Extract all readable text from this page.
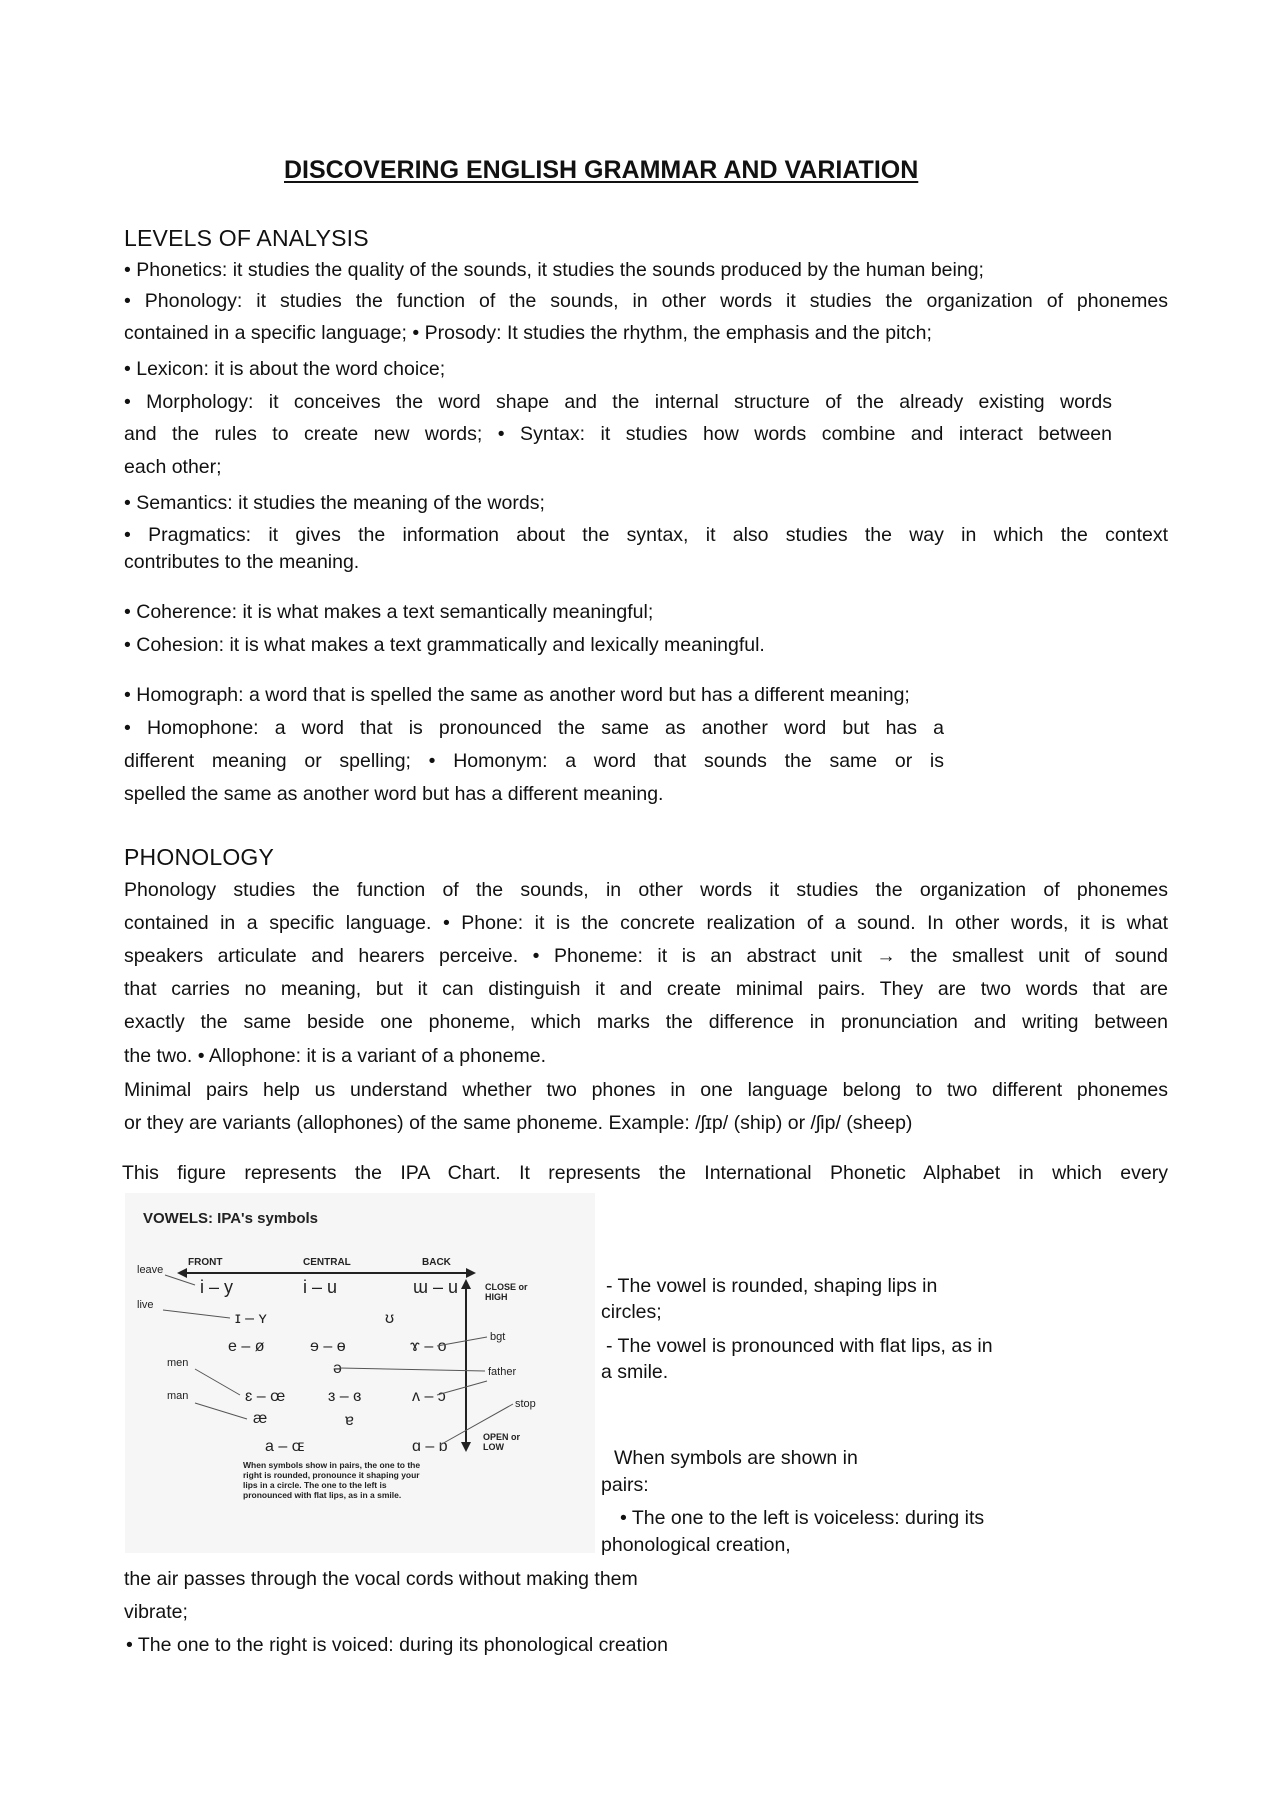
DISCOVERING ENGLISH GRAMMAR AND VARIATION
LEVELS OF ANALYSIS
• Phonetics: it studies the quality of the sounds, it studies the sounds produced by the human being;
• Phonology: it studies the function of the sounds, in other words it studies the organization of phonemes
contained in a specific language; • Prosody: It studies the rhythm, the emphasis and the pitch;
• Lexicon: it is about the word choice;
• Morphology: it conceives the word shape and the internal structure of the already existing words
and the rules to create new words; • Syntax: it studies how words combine and interact between
each other;
• Semantics: it studies the meaning of the words;
• Pragmatics: it gives the information about the syntax, it also studies the way in which the context
contributes to the meaning.
• Coherence: it is what makes a text semantically meaningful;
• Cohesion: it is what makes a text grammatically and lexically meaningful.
• Homograph: a word that is spelled the same as another word but has a different meaning;
• Homophone: a word that is pronounced the same as another word but has a
different meaning or spelling; • Homonym: a word that sounds the same or is
spelled the same as another word but has a different meaning.
PHONOLOGY
Phonology studies the function of the sounds, in other words it studies the organization of phonemes
contained in a specific language. • Phone: it is the concrete realization of a sound. In other words, it is what
speakers articulate and hearers perceive. • Phoneme: it is an abstract unit → the smallest unit of sound
that carries no meaning, but it can distinguish it and create minimal pairs. They are two words that are
exactly the same beside one phoneme, which marks the difference in pronunciation and writing between
the two. • Allophone: it is a variant of a phoneme.
Minimal pairs help us understand whether two phones in one language belong to two different phonemes
or they are variants (allophones) of the same phoneme. Example: /ʃɪp/ (ship) or /ʃip/ (sheep)
This figure represents the IPA Chart. It represents the International Phonetic Alphabet in which every
VOWELS: IPA's symbols
FRONT	CENTRAL	BACK
CLOSE or
HIGH
OPEN or
LOW
i – y	i – u	ɯ – u
ɪ – ʏ	ʊ
e – ø	ɘ – ɵ	ɤ – o
ə
ɛ – œ	ɜ – ɞ	ʌ – ɔ
æ	ɐ
a – ɶ	ɑ – ɒ
leave
live
bgt
father
men
man
stop
When symbols show in pairs, the one to the
right is rounded, pronounce it shaping your
lips in a circle. The one to the left is
pronounced with flat lips, as in a smile.
- The vowel is rounded, shaping lips in
circles;
- The vowel is pronounced with flat lips, as in
a smile.
When symbols are shown in
pairs:
• The one to the left is voiceless: during its
phonological creation,
the air passes through the vocal cords without making them
vibrate;
• The one to the right is voiced: during its phonological creation
